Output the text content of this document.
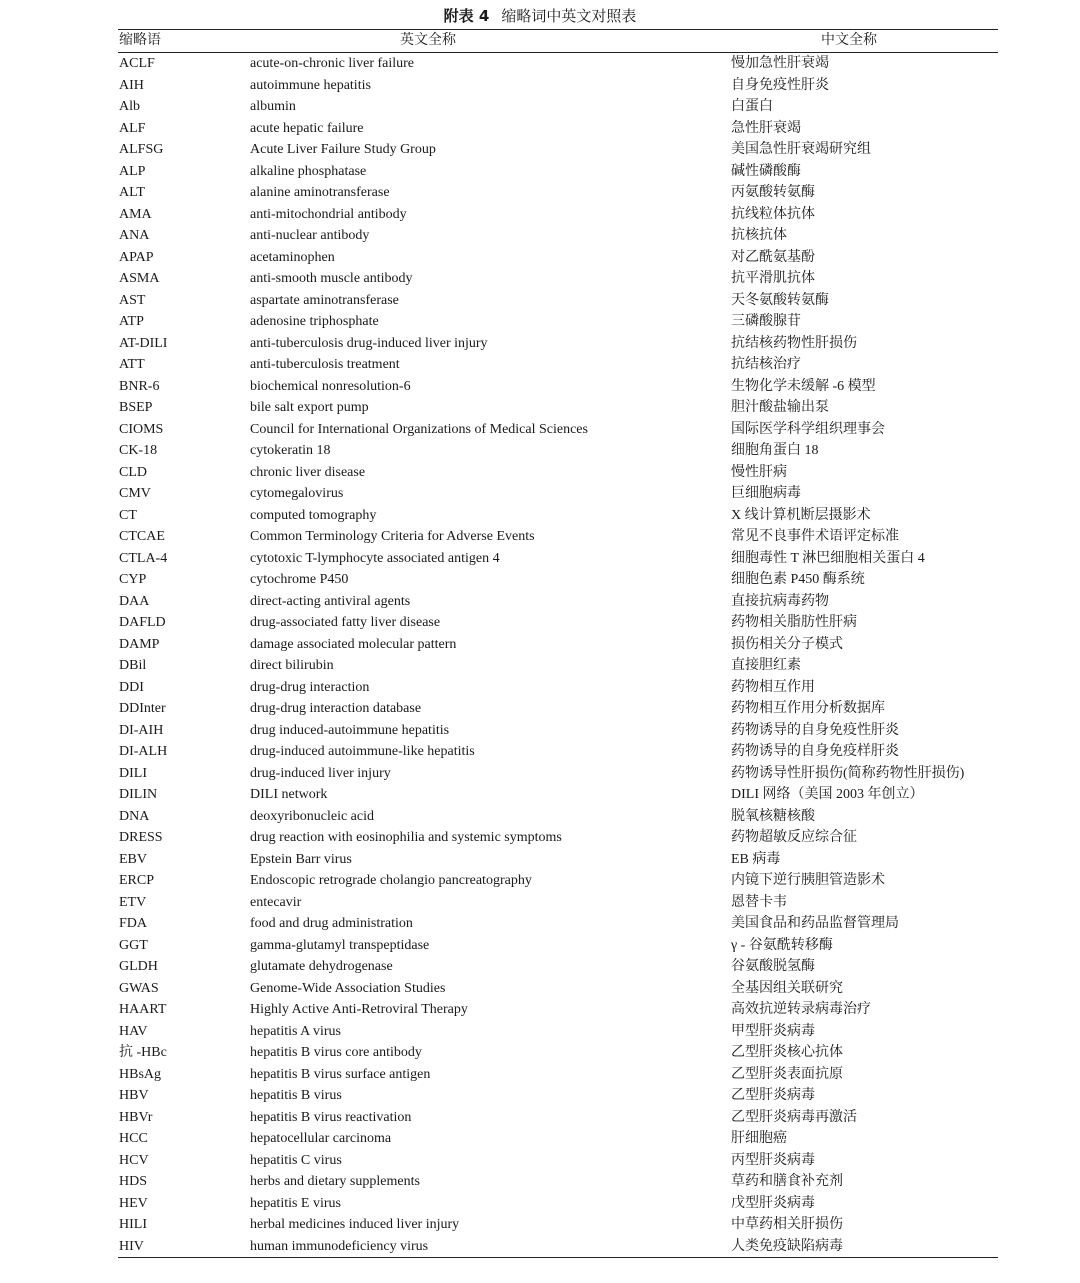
附表 4 缩略词中英文对照表
缩略语	英文全称	中文全称
ACLF	acute-on-chronic liver failure	慢加急性肝衰竭
AIH	autoimmune hepatitis	自身免疫性肝炎
Alb	albumin	白蛋白
ALF	acute hepatic failure	急性肝衰竭
ALFSG	Acute Liver Failure Study Group	美国急性肝衰竭研究组
ALP	alkaline phosphatase	碱性磷酸酶
ALT	alanine aminotransferase	丙氨酸转氨酶
AMA	anti-mitochondrial antibody	抗线粒体抗体
ANA	anti-nuclear antibody	抗核抗体
APAP	acetaminophen	对乙酰氨基酚
ASMA	anti-smooth muscle antibody	抗平滑肌抗体
AST	aspartate aminotransferase	天冬氨酸转氨酶
ATP	adenosine triphosphate	三磷酸腺苷
AT-DILI	anti-tuberculosis drug-induced liver injury	抗结核药物性肝损伤
ATT	anti-tuberculosis treatment	抗结核治疗
BNR-6	biochemical nonresolution-6	生物化学未缓解 -6 模型
BSEP	bile salt export pump	胆汁酸盐输出泵
CIOMS	Council for International Organizations of Medical Sciences	国际医学科学组织理事会
CK-18	cytokeratin 18	细胞角蛋白 18
CLD	chronic liver disease	慢性肝病
CMV	cytomegalovirus	巨细胞病毒
CT	computed tomography	X 线计算机断层摄影术
CTCAE	Common Terminology Criteria for Adverse Events	常见不良事件术语评定标准
CTLA-4	cytotoxic T-lymphocyte associated antigen 4	细胞毒性 T 淋巴细胞相关蛋白 4
CYP	cytochrome P450	细胞色素 P450 酶系统
DAA	direct-acting antiviral agents	直接抗病毒药物
DAFLD	drug-associated fatty liver disease	药物相关脂肪性肝病
DAMP	damage associated molecular pattern	损伤相关分子模式
DBil	direct bilirubin	直接胆红素
DDI	drug-drug interaction	药物相互作用
DDInter	drug-drug interaction database	药物相互作用分析数据库
DI-AIH	drug induced-autoimmune hepatitis	药物诱导的自身免疫性肝炎
DI-ALH	drug-induced autoimmune-like hepatitis	药物诱导的自身免疫样肝炎
DILI	drug-induced liver injury	药物诱导性肝损伤(简称药物性肝损伤)
DILIN	DILI network	DILI 网络（美国 2003 年创立）
DNA	deoxyribonucleic acid	脱氧核糖核酸
DRESS	drug reaction with eosinophilia and systemic symptoms	药物超敏反应综合征
EBV	Epstein Barr virus	EB 病毒
ERCP	Endoscopic retrograde cholangio pancreatography	内镜下逆行胰胆管造影术
ETV	entecavir	恩替卡韦
FDA	food and drug administration	美国食品和药品监督管理局
GGT	gamma-glutamyl transpeptidase	γ - 谷氨酰转移酶
GLDH	glutamate dehydrogenase	谷氨酸脱氢酶
GWAS	Genome-Wide Association Studies	全基因组关联研究
HAART	Highly Active Anti-Retroviral Therapy	高效抗逆转录病毒治疗
HAV	hepatitis A virus	甲型肝炎病毒
抗 -HBc	hepatitis B virus core antibody	乙型肝炎核心抗体
HBsAg	hepatitis B virus surface antigen	乙型肝炎表面抗原
HBV	hepatitis B virus	乙型肝炎病毒
HBVr	hepatitis B virus reactivation	乙型肝炎病毒再激活
HCC	hepatocellular carcinoma	肝细胞癌
HCV	hepatitis C virus	丙型肝炎病毒
HDS	herbs and dietary supplements	草药和膳食补充剂
HEV	hepatitis E virus	戊型肝炎病毒
HILI	herbal medicines induced liver injury	中草药相关肝损伤
HIV	human immunodeficiency virus	人类免疫缺陷病毒
